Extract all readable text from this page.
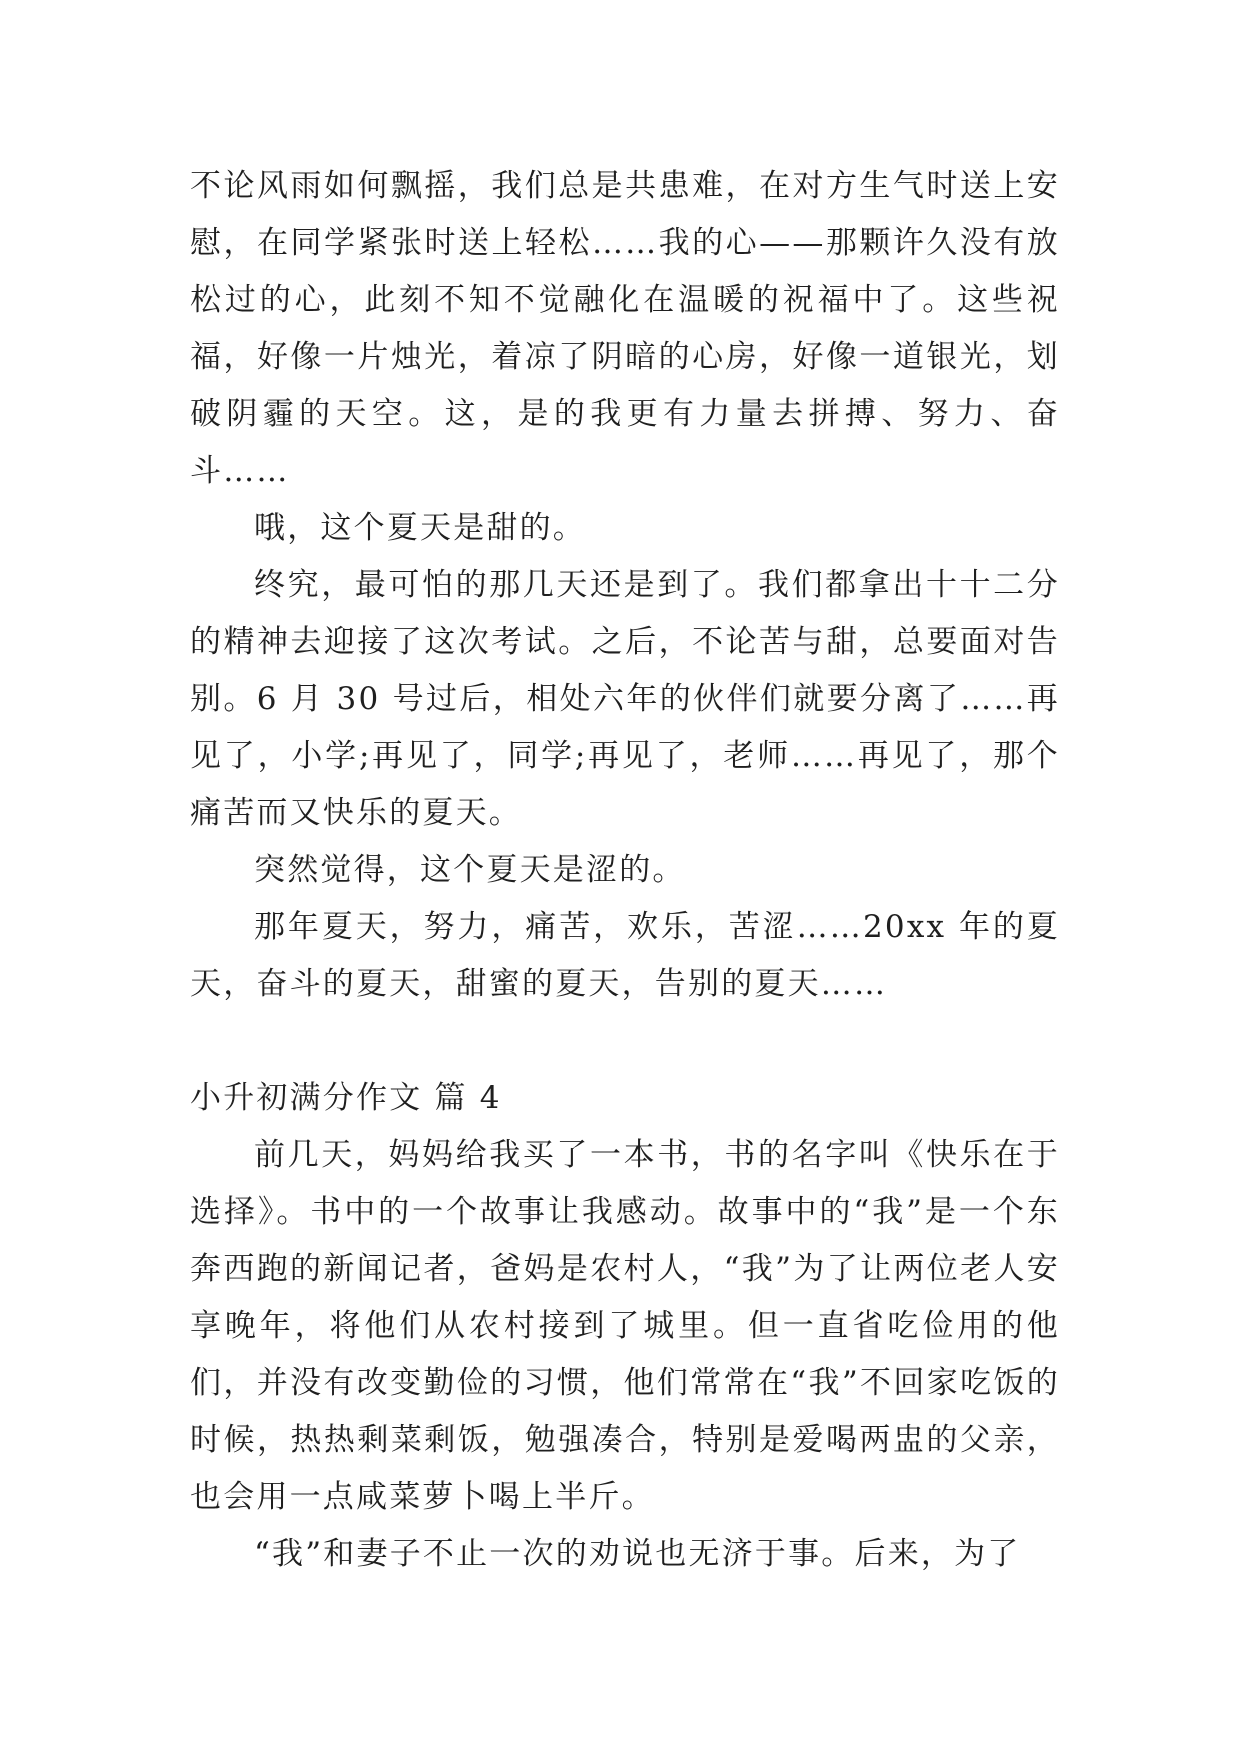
不论风雨如何飘摇，我们总是共患难，在对方生气时送上安慰，在同学紧张时送上轻松……我的心——那颗许久没有放松过的心，此刻不知不觉融化在温暖的祝福中了。这些祝福，好像一片烛光，着凉了阴暗的心房，好像一道银光，划破阴霾的天空。这，是的我更有力量去拼搏、努力、奋斗……

哦，这个夏天是甜的。

终究，最可怕的那几天还是到了。我们都拿出十十二分的精神去迎接了这次考试。之后，不论苦与甜，总要面对告别。6 月 30 号过后，相处六年的伙伴们就要分离了……再见了，小学;再见了，同学;再见了，老师……再见了，那个痛苦而又快乐的夏天。

突然觉得，这个夏天是涩的。

那年夏天，努力，痛苦，欢乐，苦涩……20xx 年的夏天，奋斗的夏天，甜蜜的夏天，告别的夏天……

小升初满分作文 篇 4

前几天，妈妈给我买了一本书，书的名字叫《快乐在于选择》。书中的一个故事让我感动。故事中的“我”是一个东奔西跑的新闻记者，爸妈是农村人，“我”为了让两位老人安享晚年，将他们从农村接到了城里。但一直省吃俭用的他们，并没有改变勤俭的习惯，他们常常在“我”不回家吃饭的时候，热热剩菜剩饭，勉强凑合，特别是爱喝两盅的父亲，也会用一点咸菜萝卜喝上半斤。

“我”和妻子不止一次的劝说也无济于事。后来，为了
